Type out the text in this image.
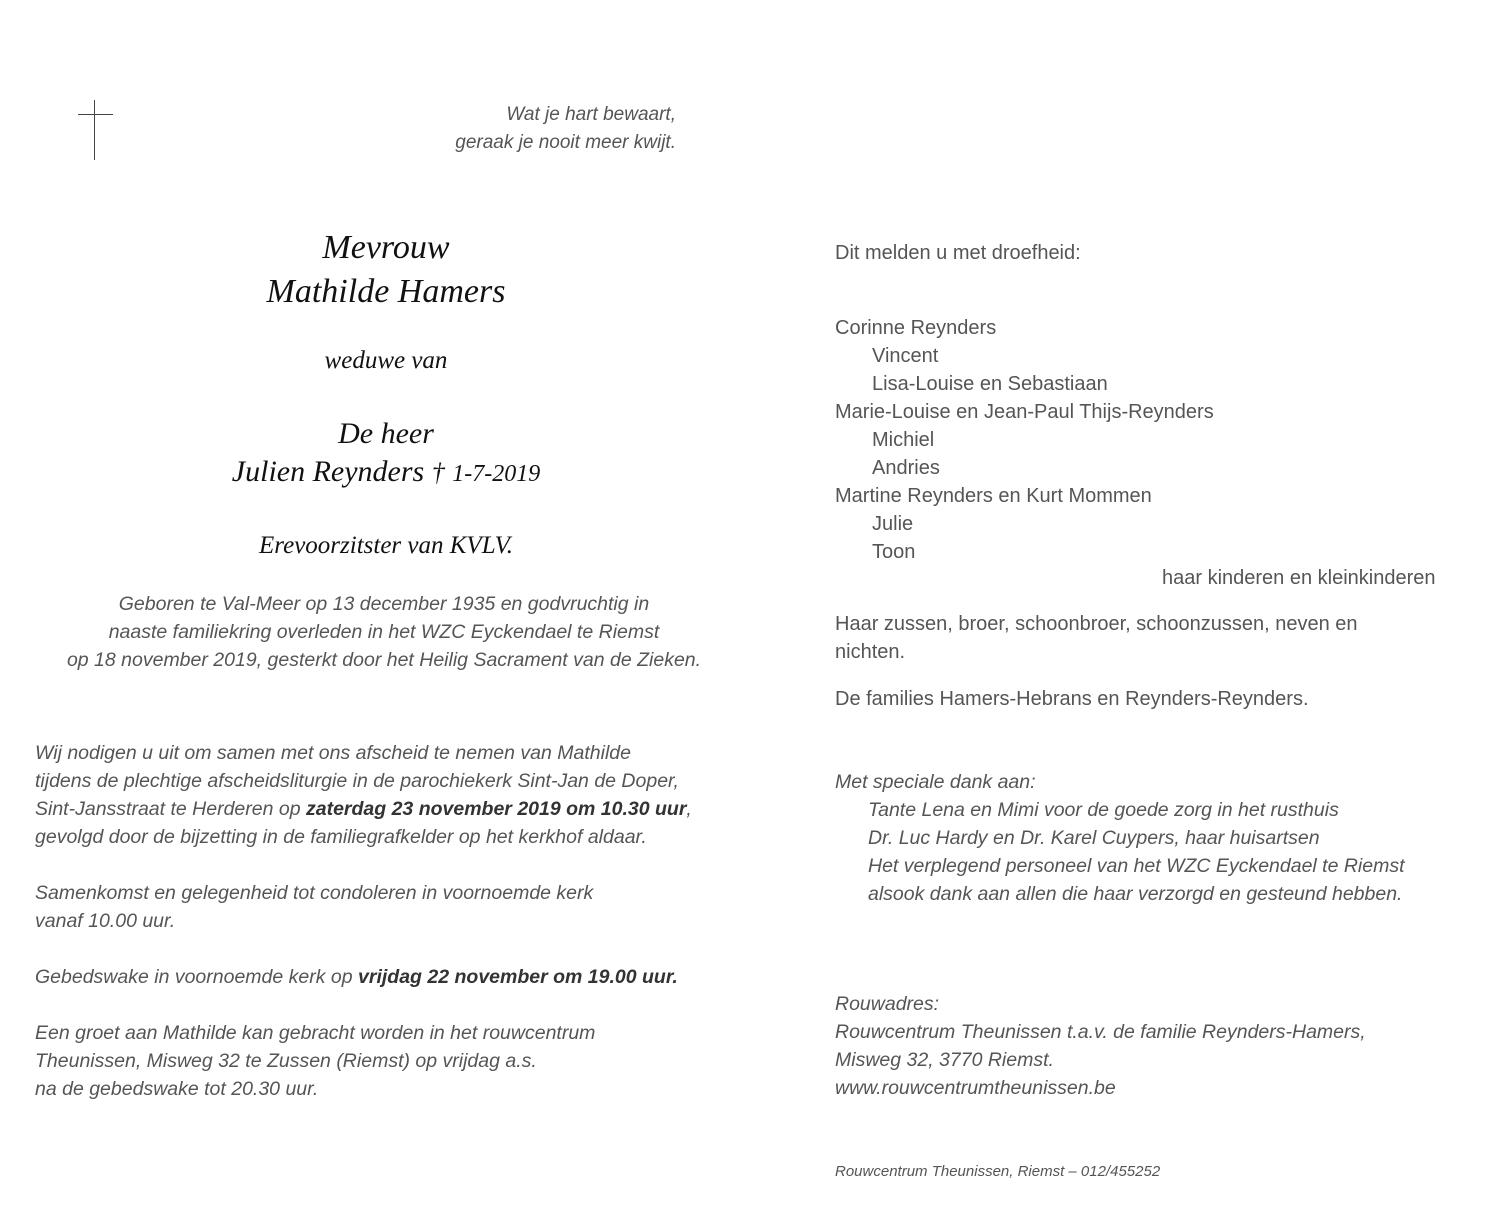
Wat je hart bewaart,
geraak je nooit meer kwijt.
Mevrouw
Mathilde Hamers
weduwe van
De heer
Julien Reynders † 1-7-2019
Erevoorzitster van KVLV.
Geboren te Val-Meer op 13 december 1935 en godvruchtig in
naaste familiekring overleden in het WZC Eyckendael te Riemst
op 18 november 2019, gesterkt door het Heilig Sacrament van de Zieken.
Wij nodigen u uit om samen met ons afscheid te nemen van Mathilde
tijdens de plechtige afscheidsliturgie in de parochiekerk Sint-Jan de Doper,
Sint-Jansstraat te Herderen op zaterdag 23 november 2019 om 10.30 uur,
gevolgd door de bijzetting in de familiegrafkelder op het kerkhof aldaar.
Samenkomst en gelegenheid tot condoleren in voornoemde kerk
vanaf 10.00 uur.
Gebedswake in voornoemde kerk op vrijdag 22 november om 19.00 uur.
Een groet aan Mathilde kan gebracht worden in het rouwcentrum
Theunissen, Misweg 32 te Zussen (Riemst) op vrijdag a.s.
na de gebedswake tot 20.30 uur.
Dit melden u met droefheid:
Corinne Reynders
Vincent
Lisa-Louise en Sebastiaan
Marie-Louise en Jean-Paul Thijs-Reynders
Michiel
Andries
Martine Reynders en Kurt Mommen
Julie
Toon
haar kinderen en kleinkinderen
Haar zussen, broer, schoonbroer, schoonzussen, neven en
nichten.
De families Hamers-Hebrans en Reynders-Reynders.
Met speciale dank aan:
Tante Lena en Mimi voor de goede zorg in het rusthuis
Dr. Luc Hardy en Dr. Karel Cuypers, haar huisartsen
Het verplegend personeel van het WZC Eyckendael te Riemst
alsook dank aan allen die haar verzorgd en gesteund hebben.
Rouwadres:
Rouwcentrum Theunissen t.a.v. de familie Reynders-Hamers,
Misweg 32, 3770 Riemst.
www.rouwcentrumtheunissen.be
Rouwcentrum Theunissen, Riemst – 012/455252
